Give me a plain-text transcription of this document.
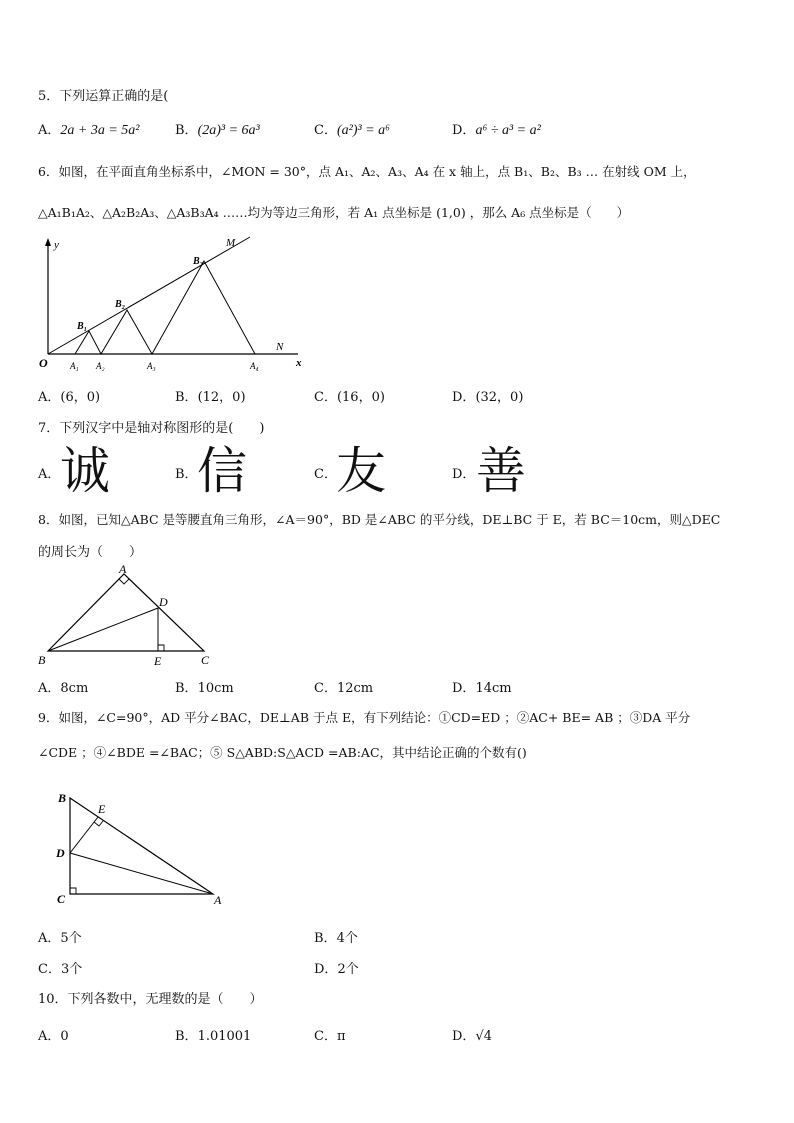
5．下列运算正确的是(
A．2a + 3a = 5a²	B．(2a)³ = 6a³	C．(a²)³ = a⁶	D．a⁶ ÷ a³ = a²
6．如图，在平面直角坐标系中，∠MON = 30°，点 A₁、A₂、A₃、A₄ 在 x 轴上，点 B₁、B₂、B₃ … 在射线 OM 上，
△A₁B₁A₂、△A₂B₂A₃、△A₃B₃A₄ ……均为等边三角形，若 A₁ 点坐标是 (1,0) ，那么 A₆ 点坐标是（　　）
y
x
O
M
N
B₁
B₂
B₃
A₁ A₂	A₃	A₄
A．(6，0)	B．(12，0)	C．(16，0)	D．(32，0)
7．下列汉字中是轴对称图形的是(　　)
A． 诚	B． 信	C． 友	D． 善
8．如图，已知△ABC 是等腰直角三角形，∠A＝90°，BD 是∠ABC 的平分线，DE⊥BC 于 E，若 BC＝10cm，则△DEC
的周长为（　　）
A
B	C
D
E
A．8cm	B．10cm	C．12cm	D．14cm
9．如图，∠C=90°，AD 平分∠BAC，DE⊥AB 于点 E，有下列结论：①CD=ED ；②AC+ BE= AB ；③DA 平分
∠CDE ；④∠BDE =∠BAC；⑤ S△ABD:S△ACD =AB:AC，其中结论正确的个数有()
B
E
D
C	A
A．5个	B．4个
C．3个	D．2个
10．下列各数中，无理数的是（　　）
A．0	B．1.01001	C．π	D．√4
